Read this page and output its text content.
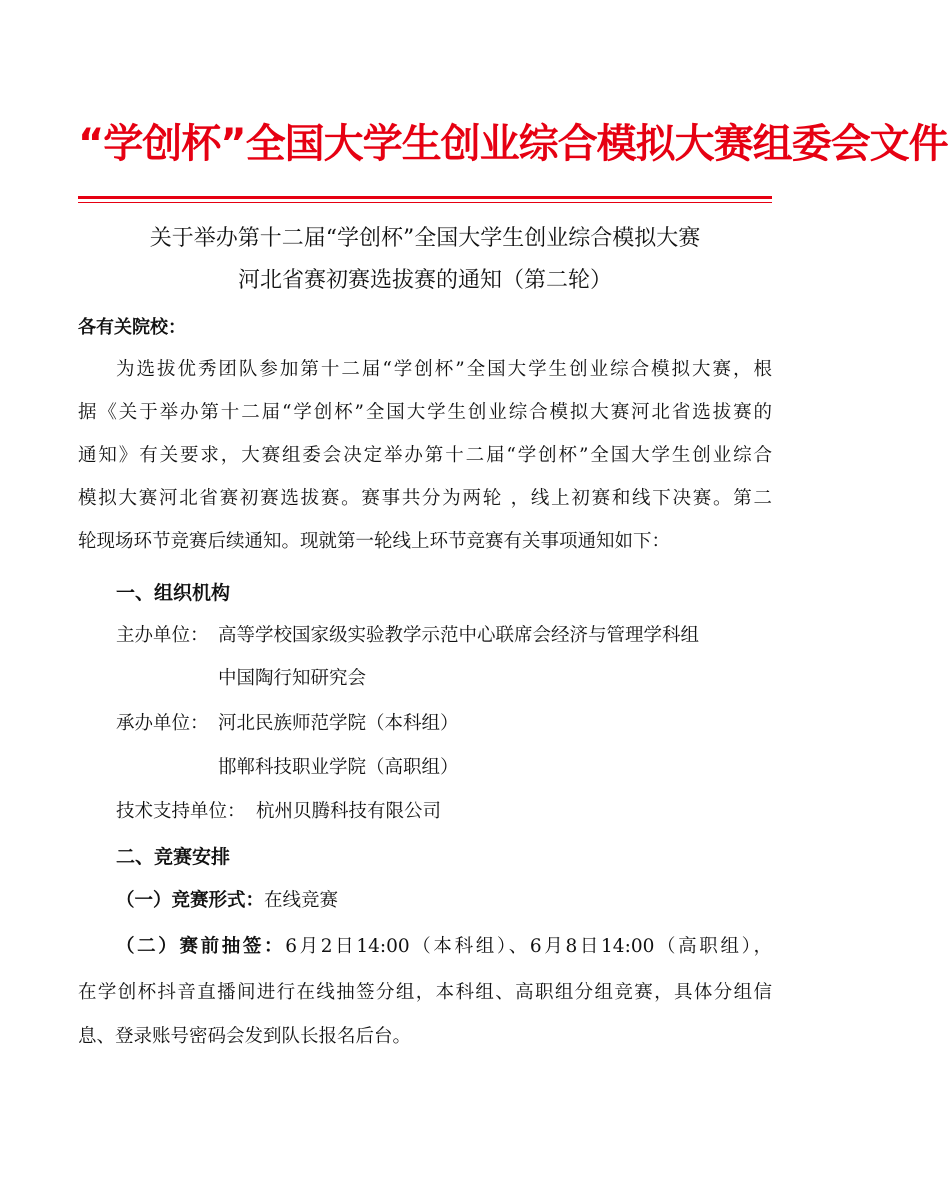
“学创杯”全国大学生创业综合模拟大赛组委会文件
关于举办第十二届“学创杯”全国大学生创业综合模拟大赛
河北省赛初赛选拔赛的通知（第二轮）
各有关院校：
为选拔优秀团队参加第十二届“学创杯”全国大学生创业综合模拟大赛，根
据《关于举办第十二届“学创杯”全国大学生创业综合模拟大赛河北省选拔赛的
通知》有关要求，大赛组委会决定举办第十二届“学创杯”全国大学生创业综合
模拟大赛河北省赛初赛选拔赛。赛事共分为两轮 ，线上初赛和线下决赛。第二
轮现场环节竞赛后续通知。现就第一轮线上环节竞赛有关事项通知如下：
一、组织机构
主办单位： 高等学校国家级实验教学示范中心联席会经济与管理学科组
中国陶行知研究会
承办单位： 河北民族师范学院（本科组）
邯郸科技职业学院（高职组）
技术支持单位： 杭州贝腾科技有限公司
二、竞赛安排
（一）竞赛形式：在线竞赛
（二）赛前抽签：6月2日14:00（本科组）、6月8日14:00（高职组），
在学创杯抖音直播间进行在线抽签分组，本科组、高职组分组竞赛，具体分组信
息、登录账号密码会发到队长报名后台。
